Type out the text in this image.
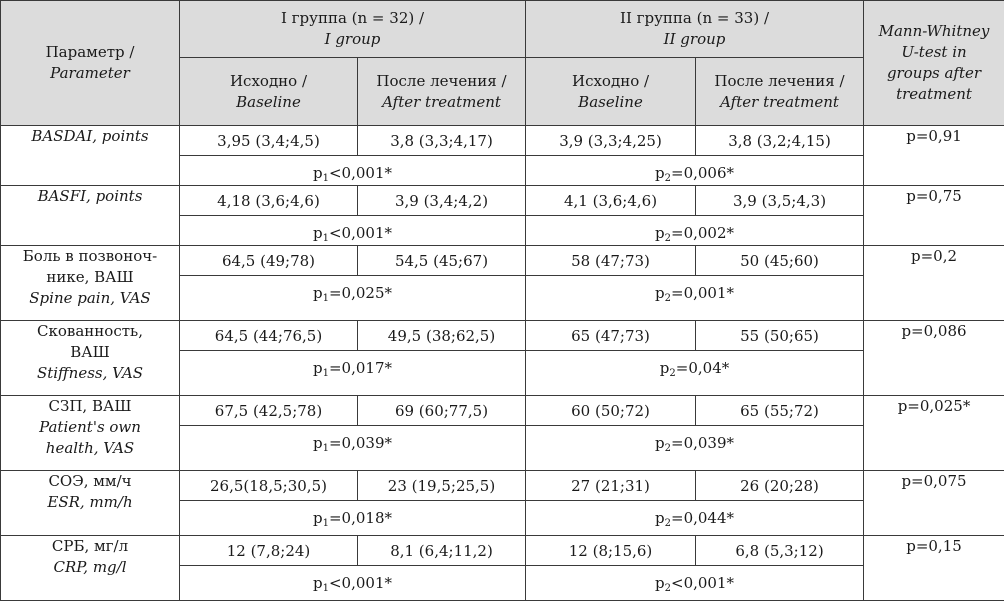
Параметр /
Parameter	I группа (n = 32) /
I group		II группа (n = 33) /
II group		Mann-Whitney
U-test in
groups after
treatment

	Исходно /
Baseline	После лечения /
After treatment	Исходно /
Baseline	После лечения /
After treatment	

BASDAI, points	3,95 (3,4;4,5)	3,8 (3,3;4,17)	3,9 (3,3;4,25)	3,8 (3,2;4,15)	p=0,91

	$p_1<0,001*$		$p_2=0,006*$		

BASFI, points	4,18 (3,6;4,6)	3,9 (3,4;4,2)	4,1 (3,6;4,6)	3,9 (3,5;4,3)	p=0,75

	$p_1<0,001*$		$p_2=0,002*$		

Боль в позвоноч-
нике, ВАШ
Spine pain, VAS	64,5 (49;78)	54,5 (45;67)	58 (47;73)	50 (45;60)	p=0,2

	$p_1=0,025*$		$p_2=0,001*$		

Скованность,
ВАШ
Stiffness, VAS	64,5 (44;76,5)	49,5 (38;62,5)	65 (47;73)	55 (50;65)	p=0,086

	$p_1=0,017*$		$p_2=0,04*$		

СЗП, ВАШ
Patient's own
health, VAS	67,5 (42,5;78)	69 (60;77,5)	60 (50;72)	65 (55;72)	p=0,025*

	$p_1=0,039*$		$p_2=0,039*$		

СОЭ, мм/ч
ESR, mm/h	26,5(18,5;30,5)	23 (19,5;25,5)	27 (21;31)	26 (20;28)	p=0,075

	$p_1=0,018*$		$p_2=0,044*$		

СРБ, мг/л
CRP, mg/l	12 (7,8;24)	8,1 (6,4;11,2)	12 (8;15,6)	6,8 (5,3;12)	p=0,15

	$p_1<0,001*$		$p_2<0,001*$		
